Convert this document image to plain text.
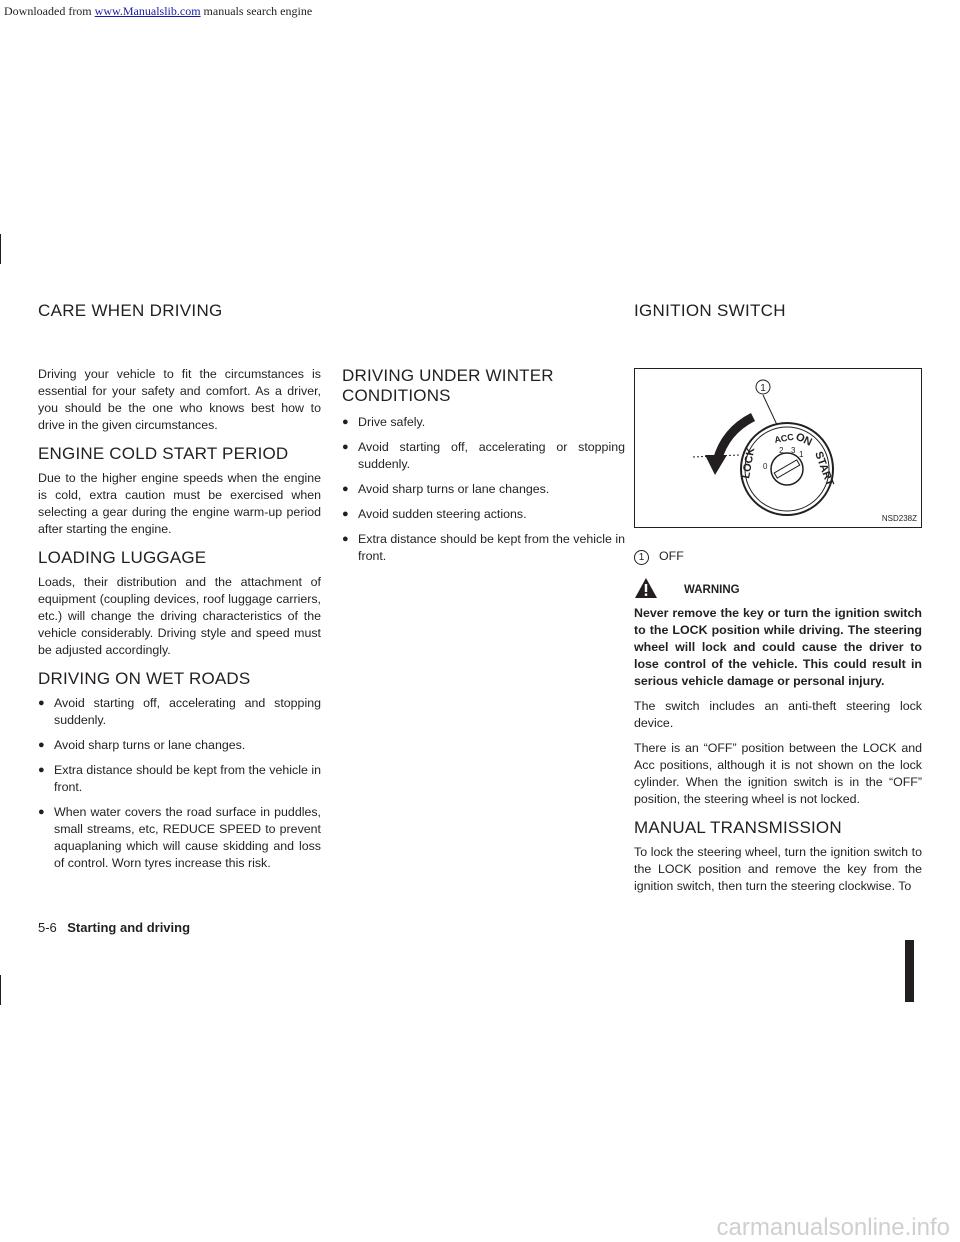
Downloaded from www.Manualslib.com manuals search engine
CARE WHEN DRIVING	IGNITION SWITCH

Driving your vehicle to fit the circumstances is essential for your safety and comfort. As a driver, you should be the one who knows best how to drive in the given circumstances.

ENGINE COLD START PERIOD

Due to the higher engine speeds when the engine is cold, extra caution must be exercised when selecting a gear during the engine warm-up period after starting the engine.

LOADING LUGGAGE

Loads, their distribution and the attachment of equipment (coupling devices, roof luggage carriers, etc.) will change the driving characteristics of the vehicle considerably. Driving style and speed must be adjusted accordingly.

DRIVING ON WET ROADS
● Avoid starting off, accelerating and stopping suddenly.
● Avoid sharp turns or lane changes.
● Extra distance should be kept from the vehicle in front.
● When water covers the road surface in puddles, small streams, etc, REDUCE SPEED to prevent aquaplaning which will cause skidding and loss of control. Worn tyres increase this risk.
DRIVING UNDER WINTER CONDITIONS
● Drive safely.
● Avoid starting off, accelerating or stopping suddenly.
● Avoid sharp turns or lane changes.
● Avoid sudden steering actions.
● Extra distance should be kept from the vehicle in front.
1
LOCK
ACC ON
START
0
1
2 3
NSD238Z
1 OFF
WARNING

Never remove the key or turn the ignition switch to the LOCK position while driving. The steering wheel will lock and could cause the driver to lose control of the vehicle. This could result in serious vehicle damage or personal injury.

The switch includes an anti-theft steering lock device.

There is an “OFF” position between the LOCK and Acc positions, although it is not shown on the lock cylinder. When the ignition switch is in the “OFF” position, the steering wheel is not locked.

MANUAL TRANSMISSION

To lock the steering wheel, turn the ignition switch to the LOCK position and remove the key from the ignition switch, then turn the steering clockwise. To

5-6 Starting and driving
carmanualsonline.info
